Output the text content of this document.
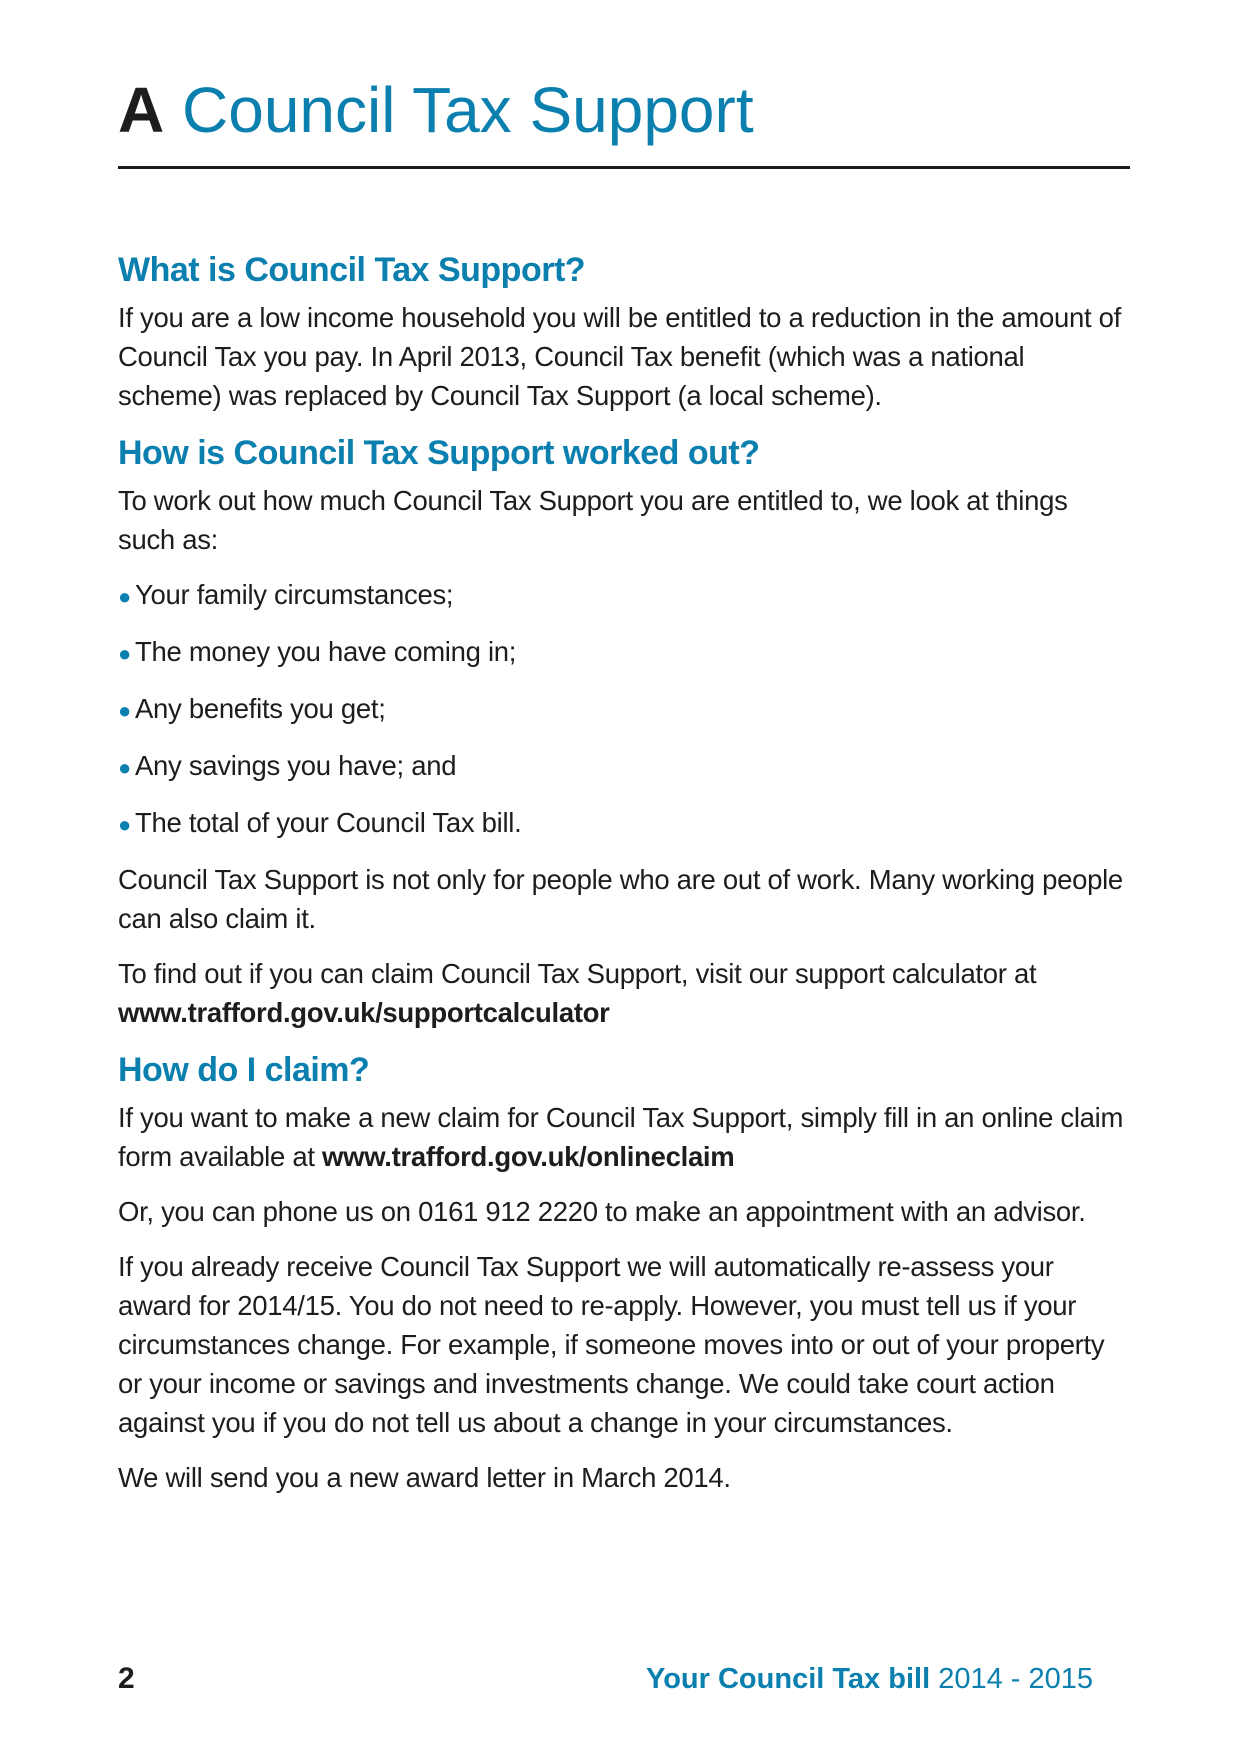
A Council Tax Support
What is Council Tax Support?

If you are a low income household you will be entitled to a reduction in the amount of Council Tax you pay. In April 2013, Council Tax benefit (which was a national scheme) was replaced by Council Tax Support (a local scheme).

How is Council Tax Support worked out?

To work out how much Council Tax Support you are entitled to, we look at things such as:

● Your family circumstances;
● The money you have coming in;
● Any benefits you get;
● Any savings you have; and
● The total of your Council Tax bill.

Council Tax Support is not only for people who are out of work. Many working people can also claim it.

To find out if you can claim Council Tax Support, visit our support calculator at
www.trafford.gov.uk/supportcalculator

How do I claim?

If you want to make a new claim for Council Tax Support, simply fill in an online claim form available at www.trafford.gov.uk/onlineclaim

Or, you can phone us on 0161 912 2220 to make an appointment with an advisor.

If you already receive Council Tax Support we will automatically re-assess your award for 2014/15. You do not need to re-apply. However, you must tell us if your circumstances change. For example, if someone moves into or out of your property or your income or savings and investments change. We could take court action against you if you do not tell us about a change in your circumstances.

We will send you a new award letter in March 2014.

2	Your Council Tax bill 2014 - 2015
